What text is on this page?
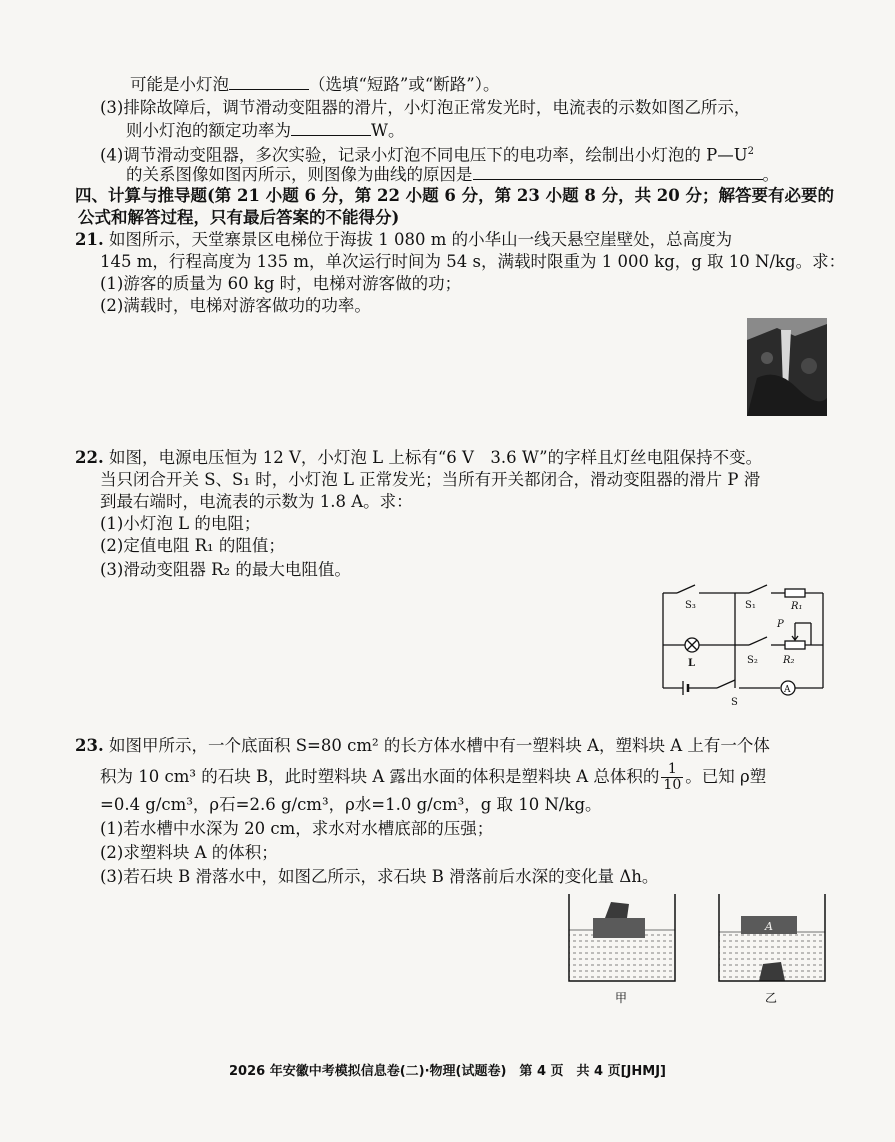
可能是小灯泡	（选填“短路”或“断路”）。
(3)排除故障后，调节滑动变阻器的滑片，小灯泡正常发光时，电流表的示数如图乙所示，
则小灯泡的额定功率为	W。
(4)调节滑动变阻器，多次实验，记录小灯泡不同电压下的电功率，绘制出小灯泡的 $P—U^2$
的关系图像如图丙所示，则图像为曲线的原因是	。
四、计算与推导题(第 21 小题 6 分，第 22 小题 6 分，第 23 小题 8 分，共 20 分；解答要有必要的
公式和解答过程，只有最后答案的不能得分)
21. 如图所示，天堂寨景区电梯位于海拔 1 080 m 的小华山一线天悬空崖壁处，总高度为
145 m，行程高度为 135 m，单次运行时间为 54 s，满载时限重为 1 000 kg，g 取 10 N/kg。求：
(1)游客的质量为 60 kg 时，电梯对游客做的功；
(2)满载时，电梯对游客做功的功率。
22. 如图，电源电压恒为 12 V，小灯泡 L 上标有“6 V　3.6 W”的字样且灯丝电阻保持不变。
当只闭合开关 S、S₁ 时，小灯泡 L 正常发光；当所有开关都闭合，滑动变阻器的滑片 P 滑
到最右端时，电流表的示数为 1.8 A。求：
(1)小灯泡 L 的电阻；
(2)定值电阻 R₁ 的阻值；
(3)滑动变阻器 R₂ 的最大电阻值。
S₃	S₁	R₁
P
L	S₂	R₂
S
A
23. 如图甲所示，一个底面积 S=80 cm² 的长方体水槽中有一塑料块 A，塑料块 A 上有一个体
积为 10 cm³ 的石块 B，此时塑料块 A 露出水面的体积是塑料块 A 总体积的 $\frac{1}{10}$ 。已知 ρ塑
=0.4 g/cm³，ρ石=2.6 g/cm³，ρ水=1.0 g/cm³，g 取 10 N/kg。
(1)若水槽中水深为 20 cm，求水对水槽底部的压强；
(2)求塑料块 A 的体积；
(3)若石块 B 滑落水中，如图乙所示，求石块 B 滑落前后水深的变化量 Δh。
A
甲	乙
2026 年安徽中考模拟信息卷(二)·物理(试题卷)　第 4 页　共 4 页[JHMJ]
